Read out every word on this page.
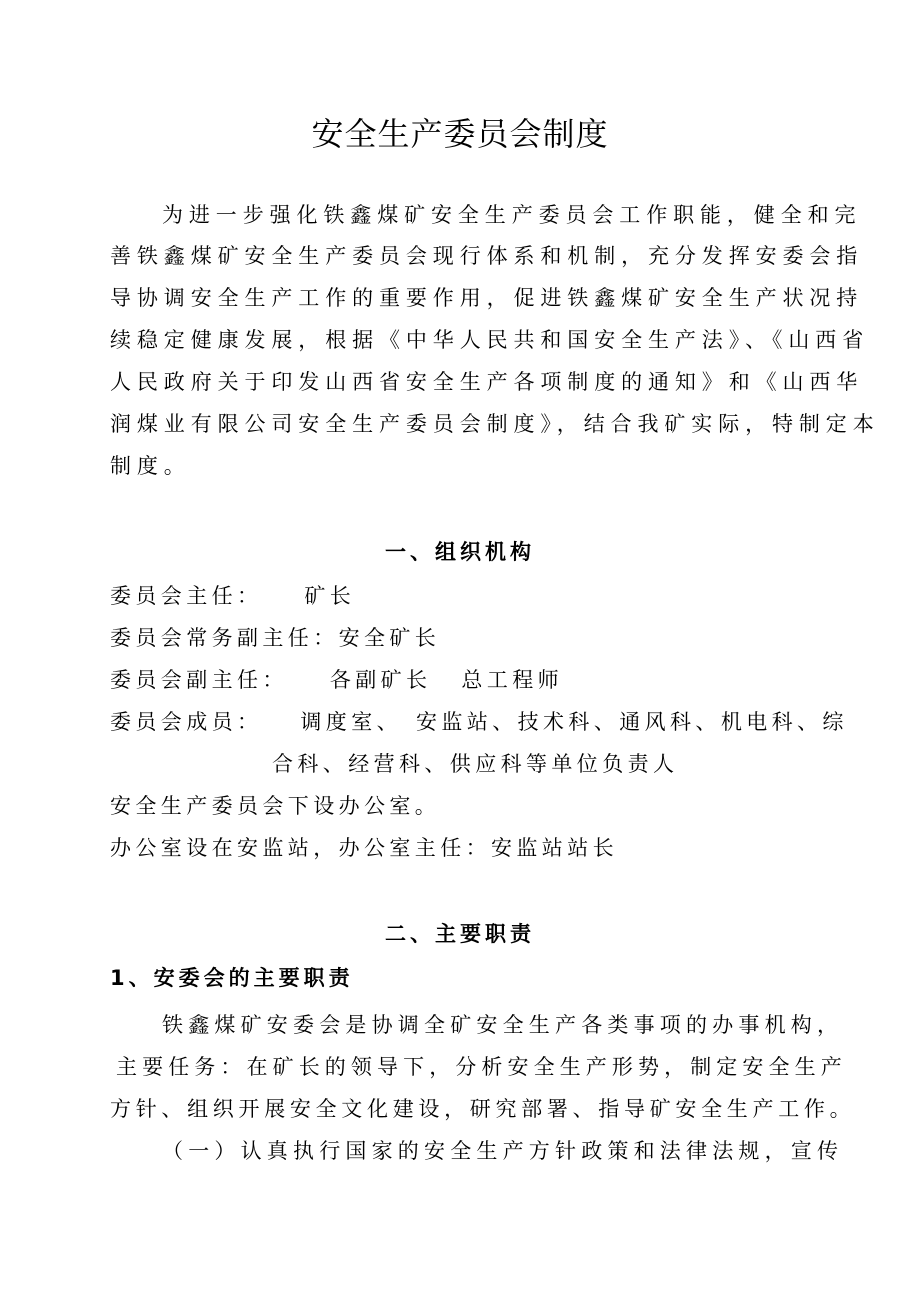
安全生产委员会制度
为进一步强化铁鑫煤矿安全生产委员会工作职能，健全和完
善铁鑫煤矿安全生产委员会现行体系和机制，充分发挥安委会指
导协调安全生产工作的重要作用，促进铁鑫煤矿安全生产状况持
续稳定健康发展，根据《中华人民共和国安全生产法》、《山西省
人民政府关于印发山西省安全生产各项制度的通知》和《山西华
润煤业有限公司安全生产委员会制度》，结合我矿实际，特制定本
制度。
一、组织机构
委员会主任： 矿长
委员会常务副主任：安全矿长
委员会副主任： 各副矿长 总工程师
委员会成员： 调度室、 安监站、技术科、通风科、机电科、综
合科、经营科、供应科等单位负责人
安全生产委员会下设办公室。
办公室设在安监站，办公室主任：安监站站长
二、主要职责
1、安委会的主要职责
铁鑫煤矿安委会是协调全矿安全生产各类事项的办事机构，
主要任务：在矿长的领导下，分析安全生产形势，制定安全生产
方针、组织开展安全文化建设，研究部署、指导矿安全生产工作。
（一）认真执行国家的安全生产方针政策和法律法规，宣传
